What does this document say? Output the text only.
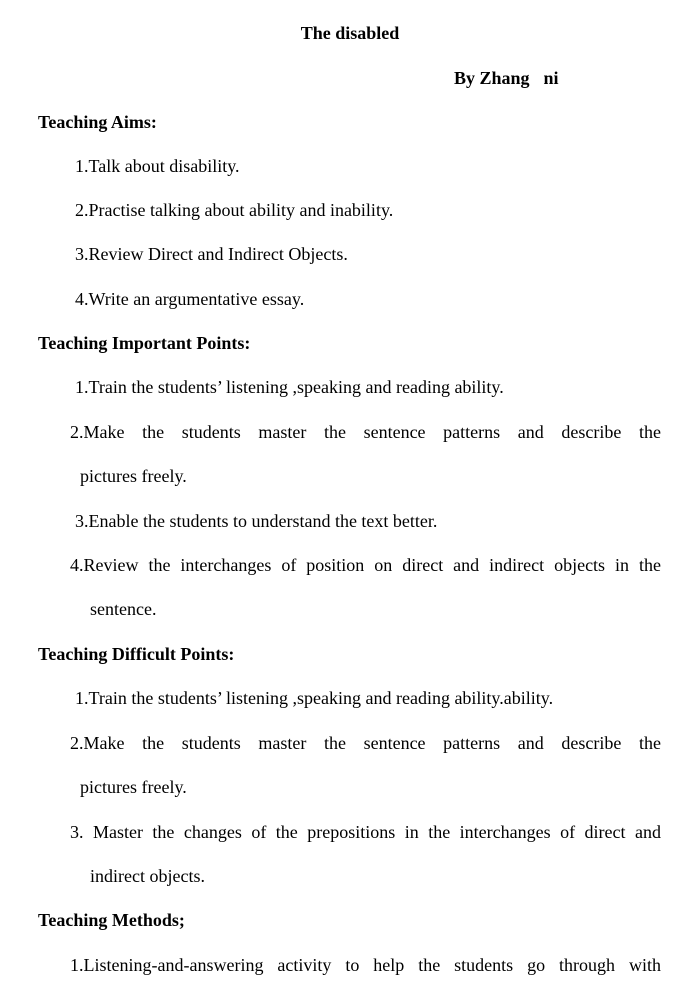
The disabled
By Zhang ni
Teaching Aims:
1.Talk about disability.
2.Practise talking about ability and inability.
3.Review Direct and Indirect Objects.
4.Write an argumentative essay.
Teaching Important Points:
1.Train the students’ listening ,speaking and reading ability.
2.Make the students master the sentence patterns and describe the
pictures freely.
3.Enable the students to understand the text better.
4.Review the interchanges of position on direct and indirect objects in the
sentence.
Teaching Difficult Points:
1.Train the students’ listening ,speaking and reading ability.ability.
2.Make the students master the sentence patterns and describe the
pictures freely.
3. Master the changes of the prepositions in the interchanges of direct and
indirect objects.
Teaching Methods;
1.Listening-and-answering activity to help the students go through with
